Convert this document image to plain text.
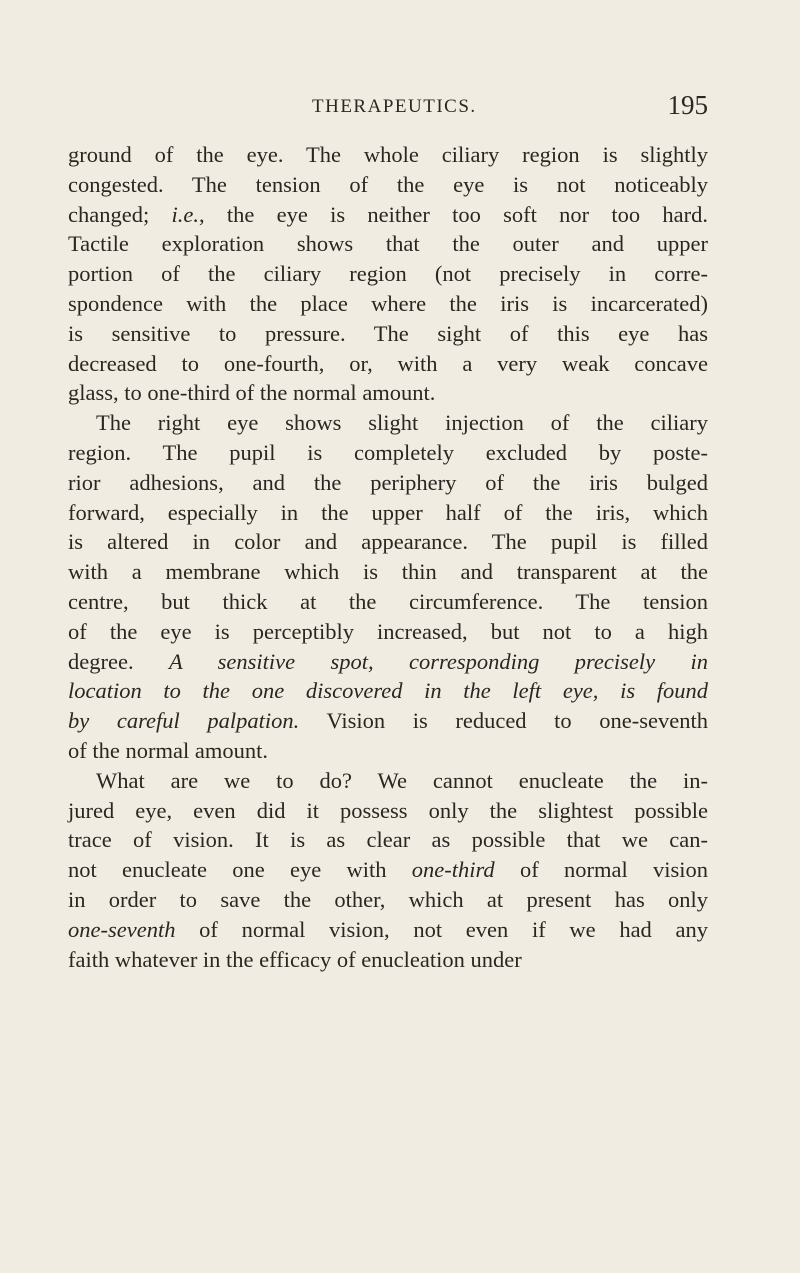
THERAPEUTICS.	195
ground of the eye. The whole ciliary region is slightly
congested. The tension of the eye is not noticeably
changed; i.e., the eye is neither too soft nor too hard.
Tactile exploration shows that the outer and upper
portion of the ciliary region (not precisely in corre-
spondence with the place where the iris is incarcerated)
is sensitive to pressure. The sight of this eye has
decreased to one-fourth, or, with a very weak concave
glass, to one-third of the normal amount.
The right eye shows slight injection of the ciliary
region. The pupil is completely excluded by poste-
rior adhesions, and the periphery of the iris bulged
forward, especially in the upper half of the iris, which
is altered in color and appearance. The pupil is filled
with a membrane which is thin and transparent at the
centre, but thick at the circumference. The tension
of the eye is perceptibly increased, but not to a high
degree. A sensitive spot, corresponding precisely in
location to the one discovered in the left eye, is found
by careful palpation. Vision is reduced to one-seventh
of the normal amount.
What are we to do? We cannot enucleate the in-
jured eye, even did it possess only the slightest possible
trace of vision. It is as clear as possible that we can-
not enucleate one eye with one-third of normal vision
in order to save the other, which at present has only
one-seventh of normal vision, not even if we had any
faith whatever in the efficacy of enucleation under
